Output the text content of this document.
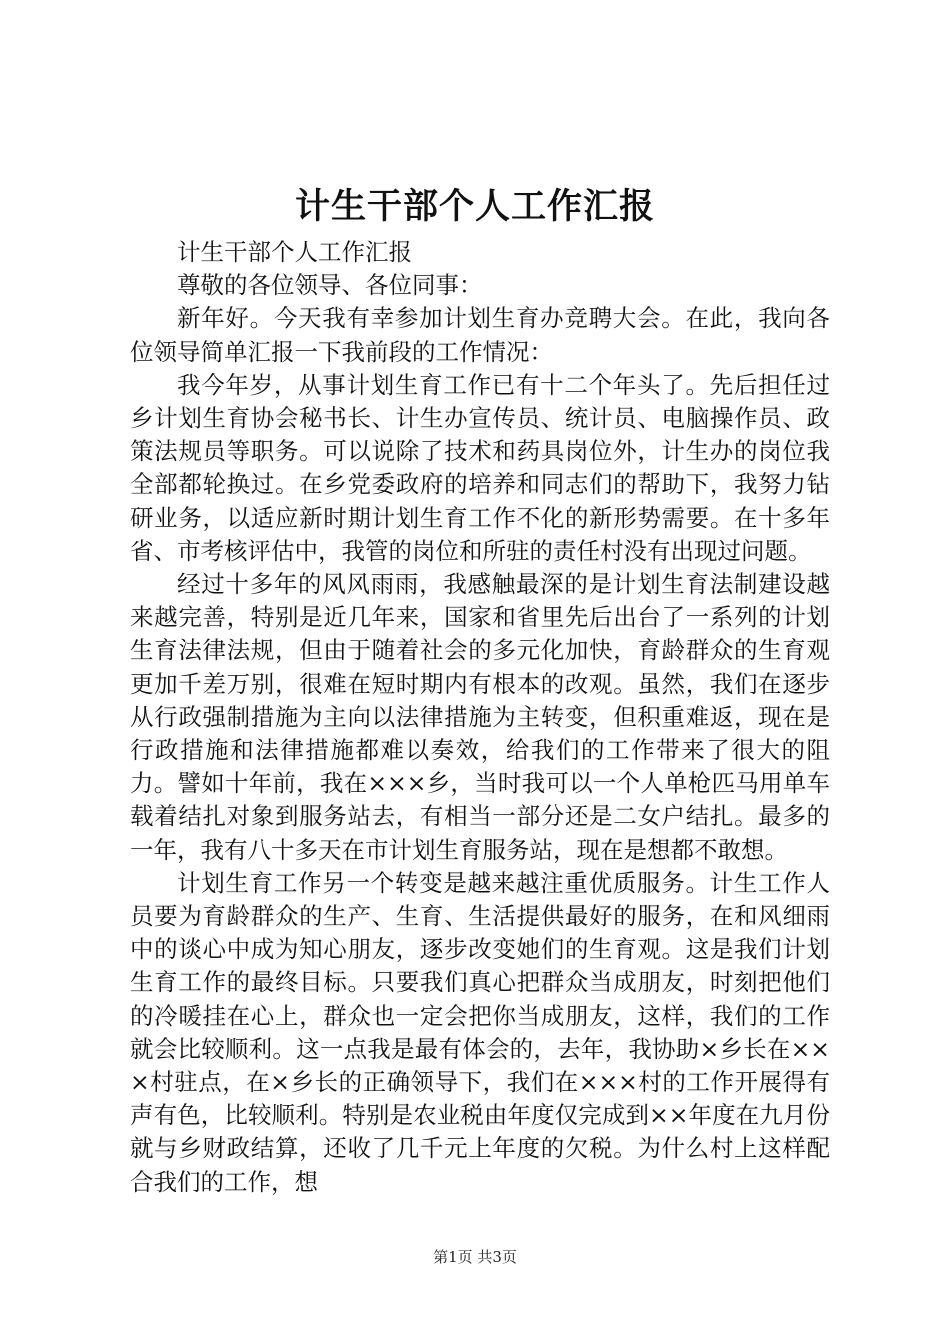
计生干部个人工作汇报

计生干部个人工作汇报

尊敬的各位领导、各位同事：

新年好。今天我有幸参加计划生育办竞聘大会。在此，我向各位领导简单汇报一下我前段的工作情况：

我今年岁，从事计划生育工作已有十二个年头了。先后担任过乡计划生育协会秘书长、计生办宣传员、统计员、电脑操作员、政策法规员等职务。可以说除了技术和药具岗位外，计生办的岗位我全部都轮换过。在乡党委政府的培养和同志们的帮助下，我努力钻研业务，以适应新时期计划生育工作不化的新形势需要。在十多年省、市考核评估中，我管的岗位和所驻的责任村没有出现过问题。

经过十多年的风风雨雨，我感触最深的是计划生育法制建设越来越完善，特别是近几年来，国家和省里先后出台了一系列的计划生育法律法规，但由于随着社会的多元化加快，育龄群众的生育观更加千差万别，很难在短时期内有根本的改观。虽然，我们在逐步从行政强制措施为主向以法律措施为主转变，但积重难返，现在是行政措施和法律措施都难以奏效，给我们的工作带来了很大的阻力。譬如十年前，我在×××乡，当时我可以一个人单枪匹马用单车载着结扎对象到服务站去，有相当一部分还是二女户结扎。最多的一年，我有八十多天在市计划生育服务站，现在是想都不敢想。

计划生育工作另一个转变是越来越注重优质服务。计生工作人员要为育龄群众的生产、生育、生活提供最好的服务，在和风细雨中的谈心中成为知心朋友，逐步改变她们的生育观。这是我们计划生育工作的最终目标。只要我们真心把群众当成朋友，时刻把他们的冷暖挂在心上，群众也一定会把你当成朋友，这样，我们的工作就会比较顺利。这一点我是最有体会的，去年，我协助×乡长在×××村驻点，在×乡长的正确领导下，我们在×××村的工作开展得有声有色，比较顺利。特别是农业税由年度仅完成到××年度在九月份就与乡财政结算，还收了几千元上年度的欠税。为什么村上这样配合我们的工作，想

第1页 共3页
